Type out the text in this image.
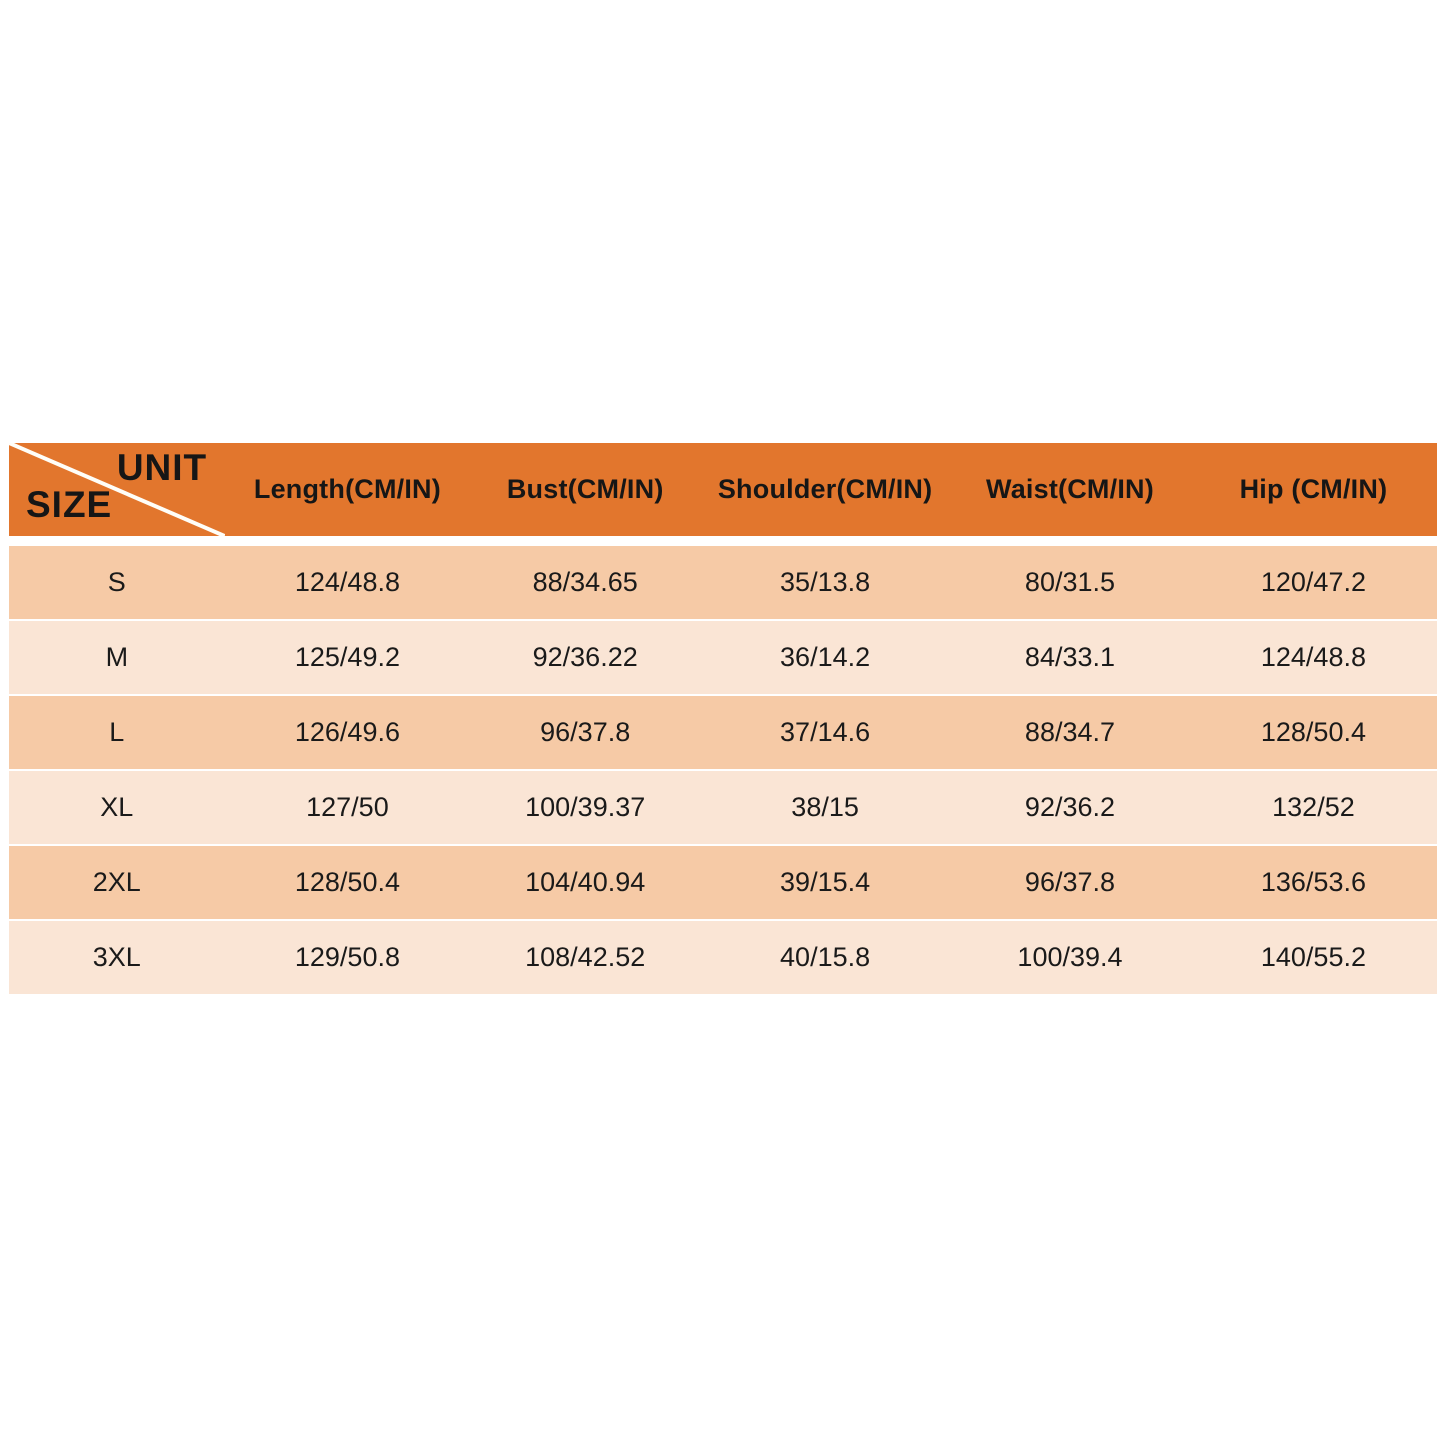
UNIT
SIZE	Length(CM/IN)	Bust(CM/IN)	Shoulder(CM/IN)	Waist(CM/IN)	Hip (CM/IN)
S	124/48.8	88/34.65	35/13.8	80/31.5	120/47.2
M	125/49.2	92/36.22	36/14.2	84/33.1	124/48.8
L	126/49.6	96/37.8	37/14.6	88/34.7	128/50.4
XL	127/50	100/39.37	38/15	92/36.2	132/52
2XL	128/50.4	104/40.94	39/15.4	96/37.8	136/53.6
3XL	129/50.8	108/42.52	40/15.8	100/39.4	140/55.2
